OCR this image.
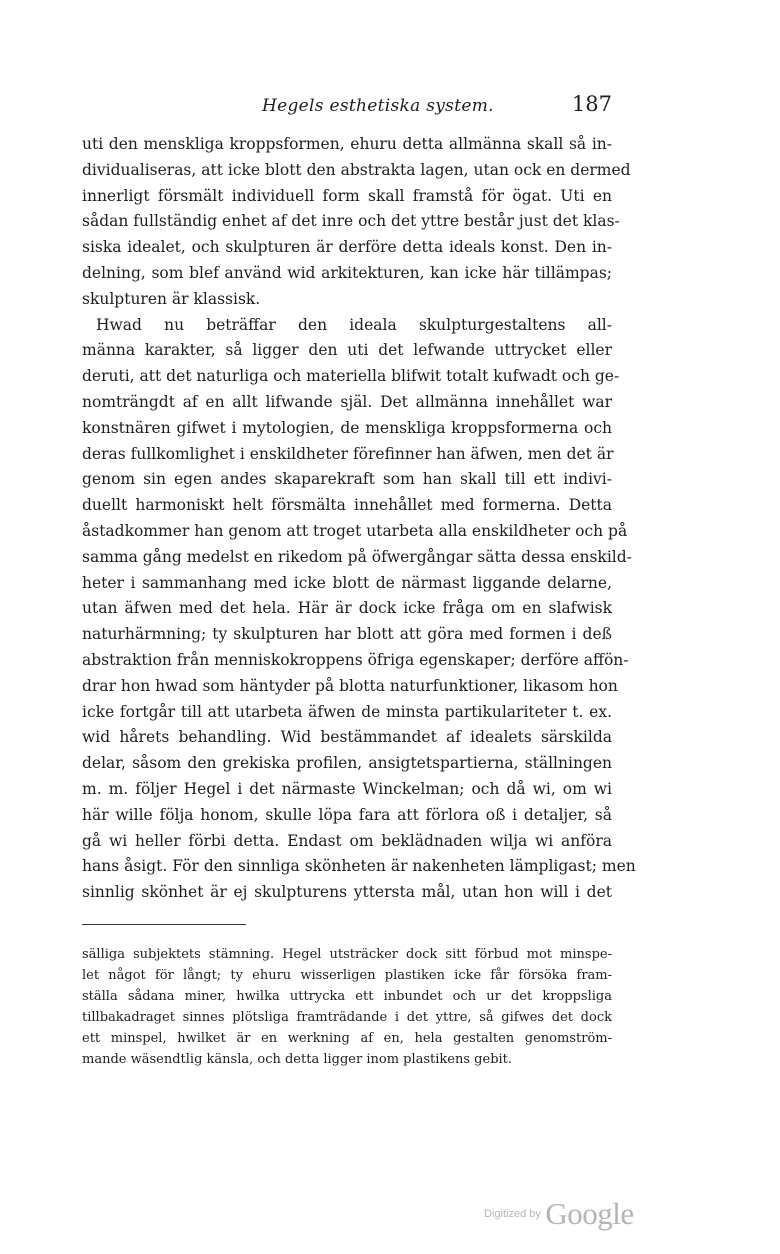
Hegels esthetiska system.	187
uti den menskliga kroppsformen, ehuru detta allmänna skall så in-
dividualiseras, att icke blott den abstrakta lagen, utan ock en dermed
innerligt försmält individuell form skall framstå för ögat. Uti en
sådan fullständig enhet af det inre och det yttre består just det klas-
siska idealet, och skulpturen är derföre detta ideals konst. Den in-
delning, som blef använd wid arkitekturen, kan icke här tillämpas;
skulpturen är klassisk.
Hwad nu beträffar den ideala skulpturgestaltens all-
männa karakter, så ligger den uti det lefwande uttrycket eller
deruti, att det naturliga och materiella blifwit totalt kufwadt och ge-
nomträngdt af en allt lifwande själ. Det allmänna innehållet war
konstnären gifwet i mytologien, de menskliga kroppsformerna och
deras fullkomlighet i enskildheter förefinner han äfwen, men det är
genom sin egen andes skaparekraft som han skall till ett indivi-
duellt harmoniskt helt försmälta innehållet med formerna. Detta
åstadkommer han genom att troget utarbeta alla enskildheter och på
samma gång medelst en rikedom på öfwergångar sätta dessa enskild-
heter i sammanhang med icke blott de närmast liggande delarne,
utan äfwen med det hela. Här är dock icke fråga om en slafwisk
naturhärmning; ty skulpturen har blott att göra med formen i deß
abstraktion från menniskokroppens öfriga egenskaper; derföre affön-
drar hon hwad som häntyder på blotta naturfunktioner, likasom hon
icke fortgår till att utarbeta äfwen de minsta partikulariteter t. ex.
wid hårets behandling. Wid bestämmandet af idealets särskilda
delar, såsom den grekiska profilen, ansigtetspartierna, ställningen
m. m. följer Hegel i det närmaste Winckelman; och då wi, om wi
här wille följa honom, skulle löpa fara att förlora oß i detaljer, så
gå wi heller förbi detta. Endast om beklädnaden wilja wi anföra
hans åsigt. För den sinnliga skönheten är nakenheten lämpligast; men
sinnlig skönhet är ej skulpturens yttersta mål, utan hon will i det
sälliga subjektets stämning. Hegel utsträcker dock sitt förbud mot minspe-
let något för långt; ty ehuru wisserligen plastiken icke får försöka fram-
ställa sådana miner, hwilka uttrycka ett inbundet och ur det kroppsliga
tillbakadraget sinnes plötsliga framträdande i det yttre, så gifwes det dock
ett minspel, hwilket är en werkning af en, hela gestalten genomström-
mande wäsendtlig känsla, och detta ligger inom plastikens gebit.
Digitized by Google
